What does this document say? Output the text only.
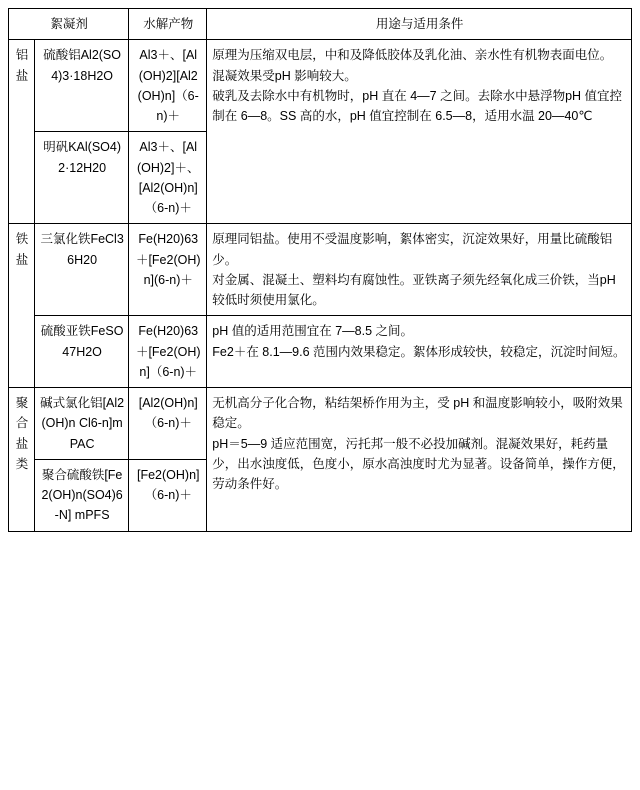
絮凝剂		水解产物	用途与适用条件
铝盐	硫酸铝Al2(SO4)3·18H2O	Al3＋、[Al(OH)2][Al2(OH)n]（6-n)＋	原理为压缩双电层，中和及降低胶体及乳化油、亲水性有机物表面电位。

混凝效果受pH 影响较大。

破乳及去除水中有机物时，pH 直在 4—7 之间。去除水中悬浮物pH 值宜控制在 6—8。SS 高的水，pH 值宜控制在 6.5—8，适用水温 20—40℃

	明矾KAl(SO4)2·12H20	Al3＋、[Al(OH)2]＋、[Al2(OH)n]（6-n)＋	
铁盐	三氯化铁FeCl36H20	Fe(H20)63＋[Fe2(OH)n](6-n)＋	原理同铝盐。使用不受温度影响，絮体密实，沉淀效果好，用量比硫酸铝少。

对金属、混凝土、塑料均有腐蚀性。亚铁离子须先经氧化成三价铁，当pH 较低时须使用氯化。

	硫酸亚铁FeSO47H2O	Fe(H20)63＋[Fe2(OH)n]（6-n)＋	pH 值的适用范围宜在 7—8.5 之间。

Fe2＋在 8.1—9.6 范围内效果稳定。絮体形成较快，较稳定，沉淀时间短。

聚合盐类	碱式氯化铝[Al2(OH)n Cl6-n]m PAC	[Al2(OH)n]（6-n)＋	无机高分子化合物，粘结架桥作用为主，受 pH 和温度影响较小，吸附效果稳定。

pH＝5—9 适应范围宽，污托邦一般不必投加碱剂。混凝效果好，耗药量少，出水浊度低，色度小，原水高浊度时尤为显著。设备简单，操作方便，劳动条件好。

	聚合硫酸铁[Fe2(OH)n(SO4)6-N] mPFS	[Fe2(OH)n]（6-n)＋	
